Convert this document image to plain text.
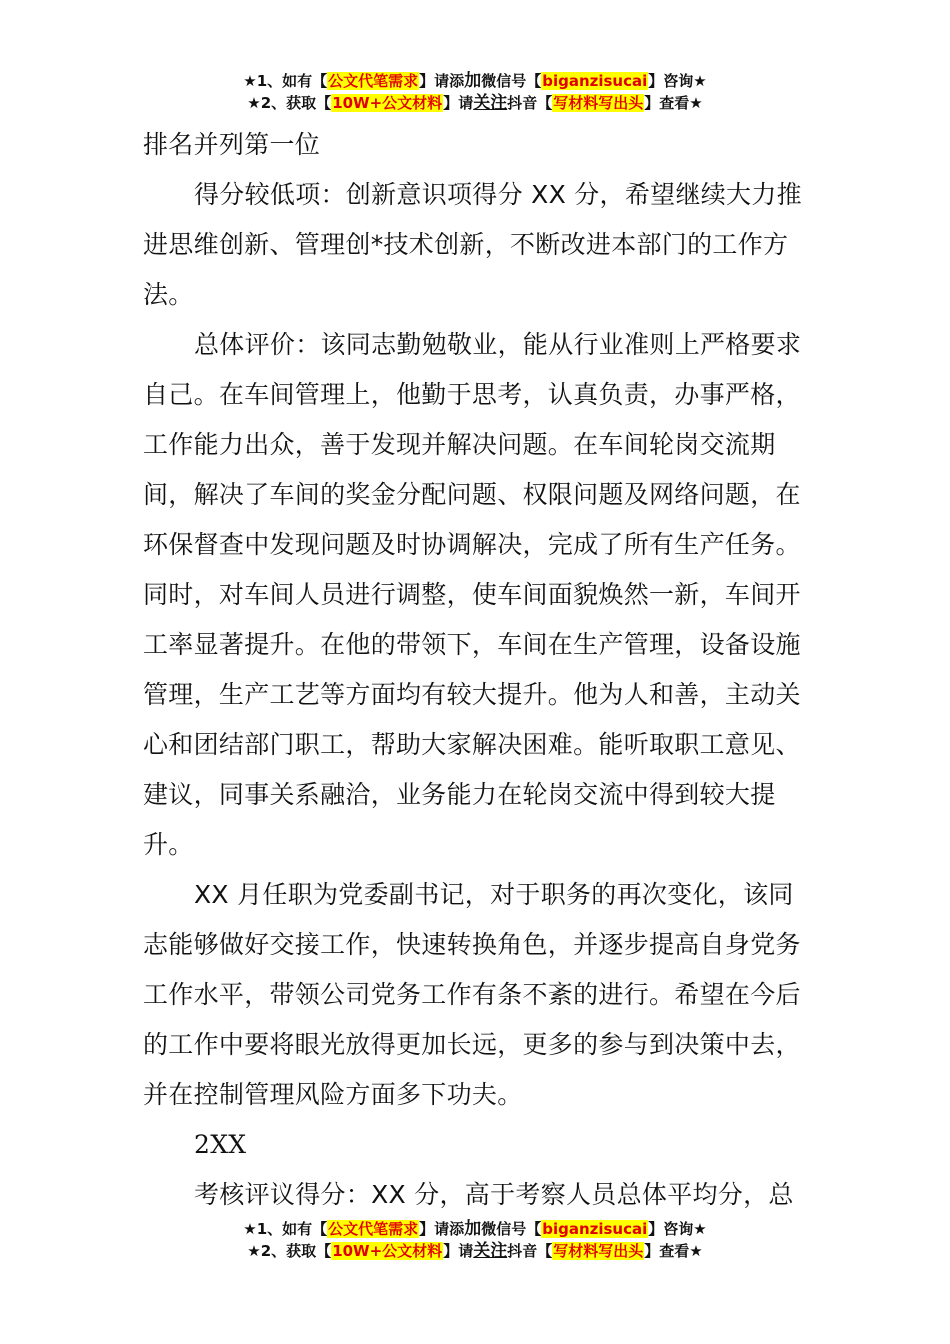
★1、如有【公文代笔需求】请添加微信号【biganzisucai】咨询★
★2、获取【10W+公文材料】请关注抖音【写材料写出头】查看★

排名并列第一位

得分较低项：创新意识项得分 XX 分，希望继续大力推进思维创新、管理创*技术创新，不断改进本部门的工作方法。

总体评价：该同志勤勉敬业，能从行业准则上严格要求自己。在车间管理上，他勤于思考，认真负责，办事严格，工作能力出众，善于发现并解决问题。在车间轮岗交流期间，解决了车间的奖金分配问题、权限问题及网络问题，在环保督查中发现问题及时协调解决，完成了所有生产任务。同时，对车间人员进行调整，使车间面貌焕然一新，车间开工率显著提升。在他的带领下，车间在生产管理，设备设施管理，生产工艺等方面均有较大提升。他为人和善，主动关心和团结部门职工，帮助大家解决困难。能听取职工意见、建议，同事关系融洽，业务能力在轮岗交流中得到较大提升。

XX 月任职为党委副书记，对于职务的再次变化，该同志能够做好交接工作，快速转换角色，并逐步提高自身党务工作水平，带领公司党务工作有条不紊的进行。希望在今后的工作中要将眼光放得更加长远，更多的参与到决策中去，并在控制管理风险方面多下功夫。

2XX

考核评议得分：XX 分，高于考察人员总体平均分，总

★1、如有【公文代笔需求】请添加微信号【biganzisucai】咨询★
★2、获取【10W+公文材料】请关注抖音【写材料写出头】查看★
